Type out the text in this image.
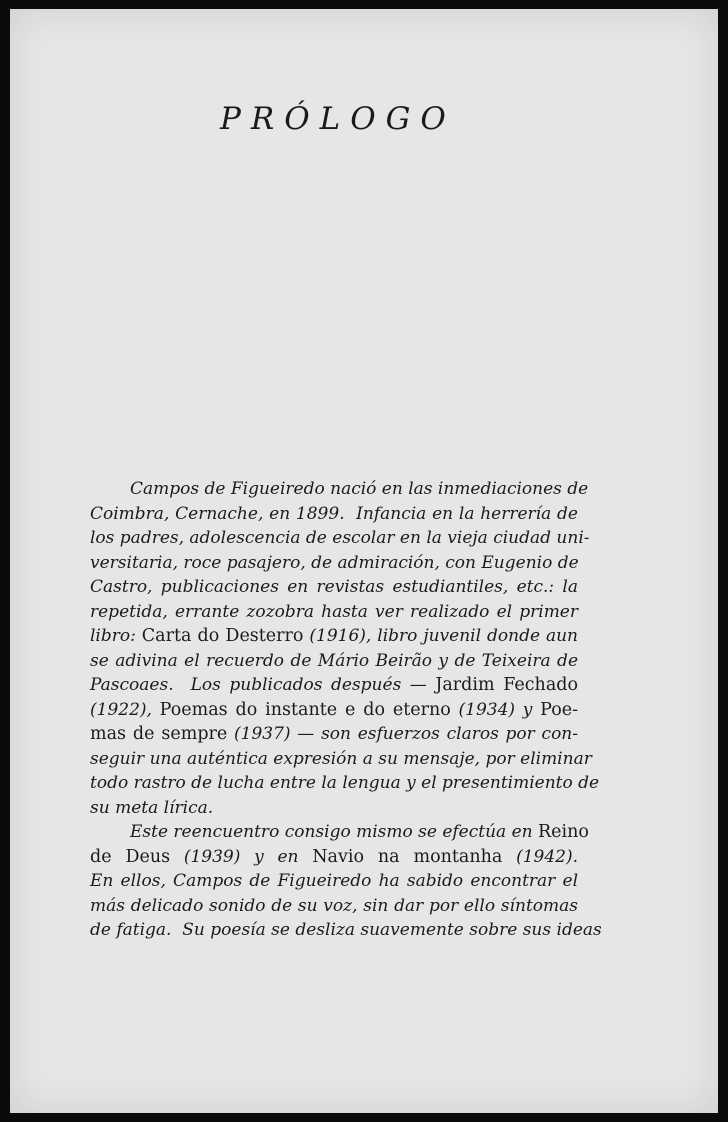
PRÓLOGO
Campos de Figueiredo nació en las inmediaciones de
Coimbra, Cernache, en 1899.  Infancia en la herrería de
los padres, adolescencia de escolar en la vieja ciudad uni-
versitaria, roce pasajero, de admiración, con Eugenio de
Castro, publicaciones en revistas estudiantiles, etc.: la
repetida, errante zozobra hasta ver realizado el primer
libro: Carta do Desterro (1916), libro juvenil donde aun
se adivina el recuerdo de Mário Beirão y de Teixeira de
Pascoaes.  Los publicados después — Jardim Fechado
(1922), Poemas do instante e do eterno (1934) y Poe-
mas de sempre (1937) — son esfuerzos claros por con-
seguir una auténtica expresión a su mensaje, por eliminar
todo rastro de lucha entre la lengua y el presentimiento de
su meta lírica.
Este reencuentro consigo mismo se efectúa en Reino
de Deus (1939) y en Navio na montanha (1942).
En ellos, Campos de Figueiredo ha sabido encontrar el
más delicado sonido de su voz, sin dar por ello síntomas
de fatiga.  Su poesía se desliza suavemente sobre sus ideas
